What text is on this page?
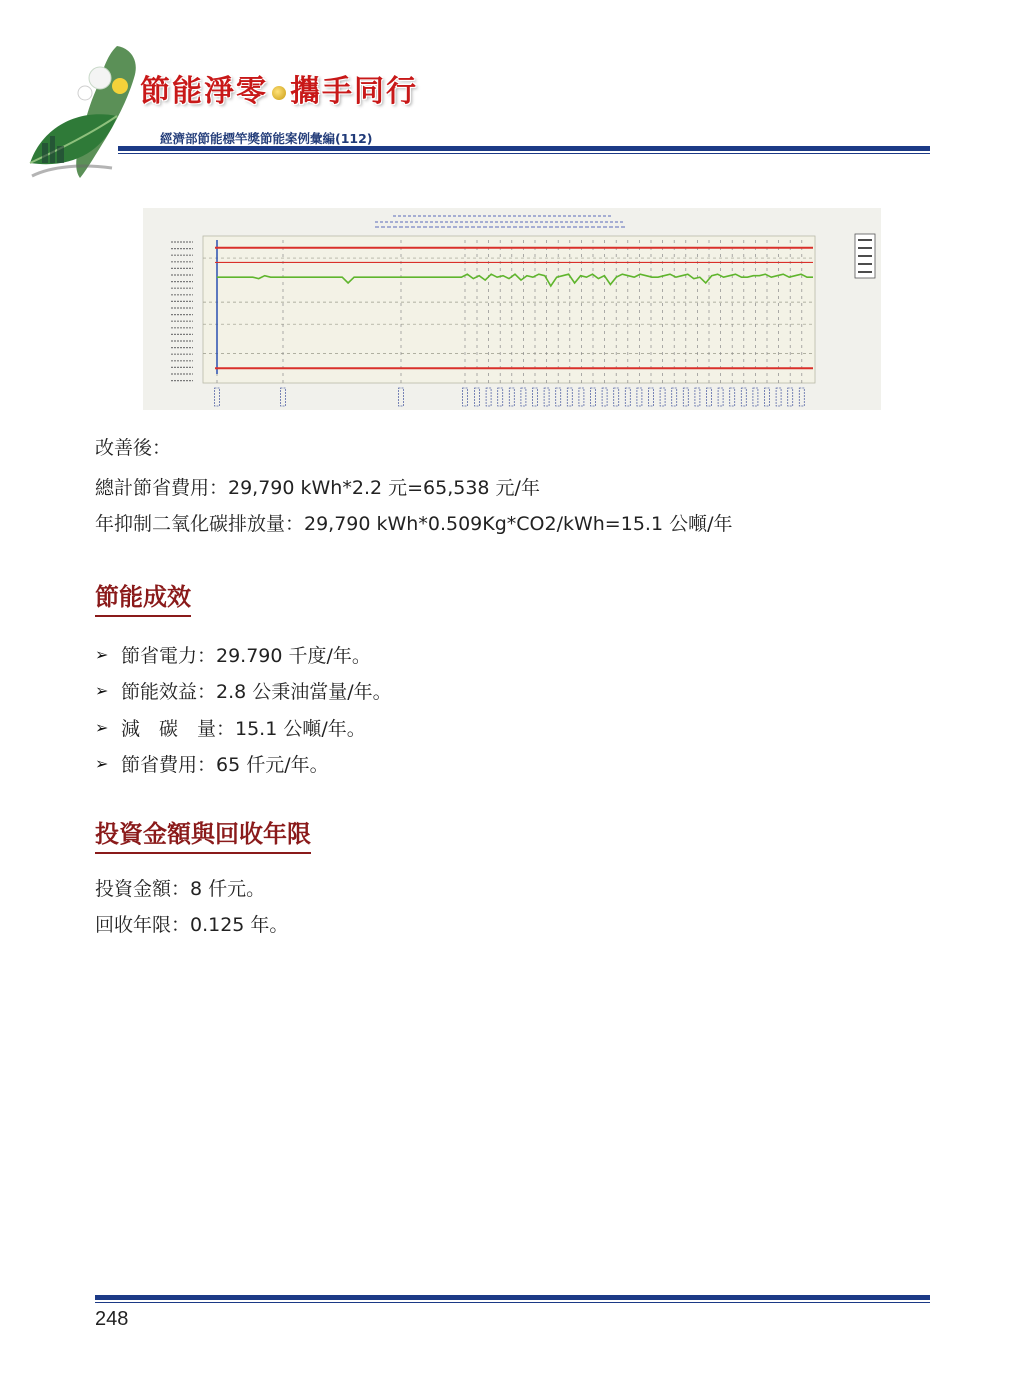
節能淨零 攜手同行
經濟部節能標竿獎節能案例彙編(112)
改善後：
總計節省費用：29,790 kWh*2.2 元=65,538 元/年
年抑制二氧化碳排放量：29,790 kWh*0.509Kg*CO2/kWh=15.1 公噸/年
節能成效
➢ 節省電力：29.790 千度/年。
➢ 節能效益：2.8 公秉油當量/年。
➢ 減　碳　量：15.1 公噸/年。
➢ 節省費用：65 仟元/年。
投資金額與回收年限
投資金額：8 仟元。
回收年限：0.125 年。
248
